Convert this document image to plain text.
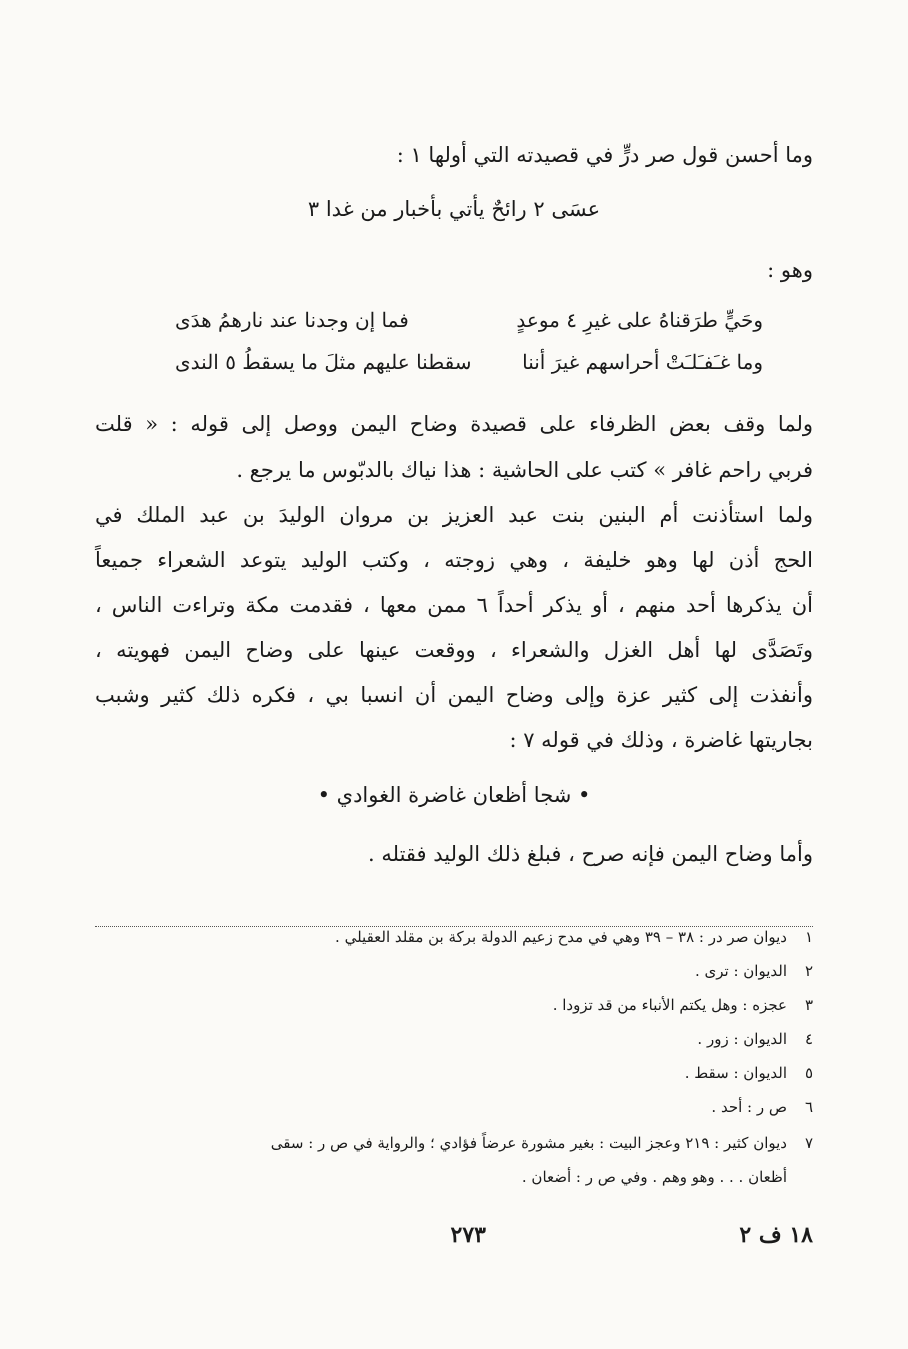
وما أحسن قول صر درٍّ في قصيدته التي أولها ١ :
عسَى ٢ رائحٌ يأتي بأخبار من غدا ٣
وهو :
وحَيٍّ طرَقناهُ على غيرِ ٤ موعدٍ
فما إن وجدنا عند نارهمُ هدَى
وما غـَفـَلـَتْ أحراسهم غيرَ أننا
سقطنا عليهم مثلَ ما يسقطُ ٥ الندى
ولما وقف بعض الظرفاء على قصيدة وضاح اليمن ووصل إلى قوله : « قلت
فربي راحم غافر » كتب على الحاشية : هذا نياك بالدبّوس ما يرجع .
ولما استأذنت أم البنين بنت عبد العزيز بن مروان الوليدَ بن عبد الملك في
الحج أذن لها وهو خليفة ، وهي زوجته ، وكتب الوليد يتوعد الشعراء جميعاً
أن يذكرها أحد منهم ، أو يذكر أحداً ٦ ممن معها ، فقدمت مكة وتراءت الناس ،
وتَصَدَّى لها أهل الغزل والشعراء ، ووقعت عينها على وضاح اليمن فهويته ،
وأنفذت إلى كثير عزة وإلى وضاح اليمن أن انسبا بي ، فكره ذلك كثير وشبب
بجاريتها غاضرة ، وذلك في قوله ٧ :
• شجا أظعان غاضرة الغوادي •
وأما وضاح اليمن فإنه صرح ، فبلغ ذلك الوليد فقتله .
١ديوان صر در : ٣٨ – ٣٩ وهي في مدح زعيم الدولة بركة بن مقلد العقيلي .
٢الديوان : ترى .
٣عجزه : وهل يكتم الأنباء من قد تزودا .
٤الديوان : زور .
٥الديوان : سقط .
٦ص ر : أحد .
٧ديوان كثير : ٢١٩ وعجز البيت : بغير مشورة عرضاً فؤادي ؛ والرواية في ص ر : سقى
أظعان . . . وهو وهم . وفي ص ر : أضعان .
١٨ ف ٢
٢٧٣
